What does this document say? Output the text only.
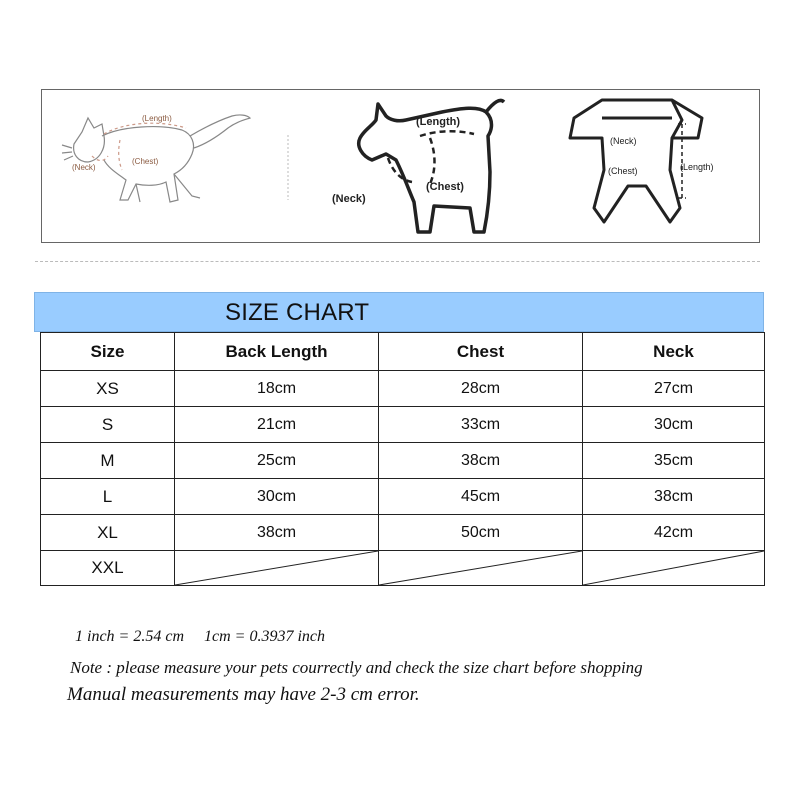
(Length)
(Neck)
(Chest)
(Length)
(Neck)
(Chest)
(Neck)
(Chest)	(Length)
SIZE CHART
Size	Back Length	Chest	Neck
XS	18cm	28cm	27cm
S	21cm	33cm	30cm
M	25cm	38cm	35cm
L	30cm	45cm	38cm
XL	38cm	50cm	42cm
XXL	

1 inch = 2.54 cm     1cm = 0.3937 inch
Note : please measure your pets courrectly and check the size chart before shopping
Manual measurements may have 2-3 cm error.
